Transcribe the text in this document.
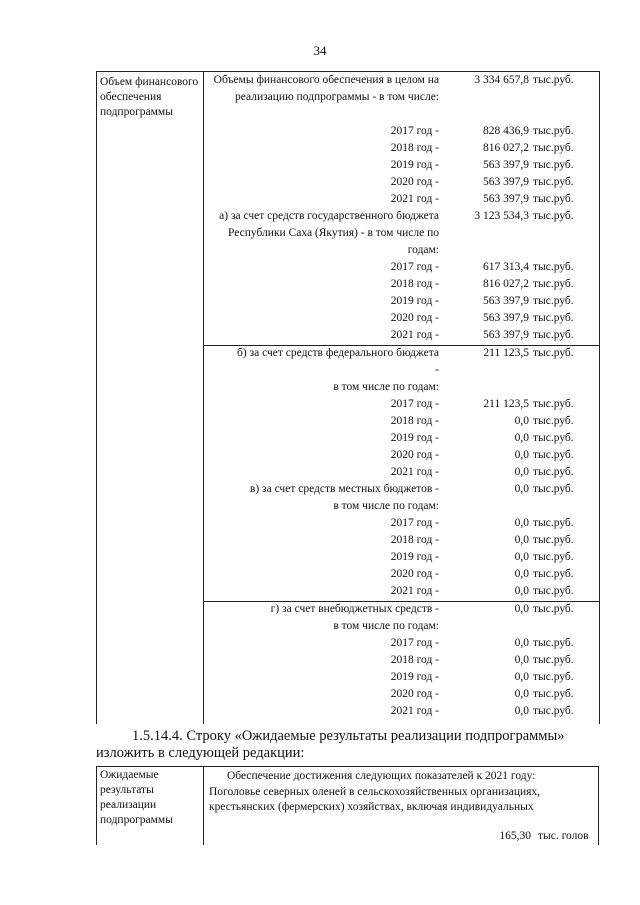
34
Объем финансового обеспечения подпрограммы
Объемы финансового обеспечения в целом на реализацию подпрограммы - в том числе:
3 334 657,8 тыс.руб.
2017 год -	828 436,9 тыс.руб.
2018 год -	816 027,2 тыс.руб.
2019 год -	563 397,9 тыс.руб.
2020 год -	563 397,9 тыс.руб.
2021 год -	563 397,9 тыс.руб.
а) за счет средств государственного бюджета Республики Саха (Якутия) - в том числе по годам:
3 123 534,3 тыс.руб.
2017 год -	617 313,4 тыс.руб.
2018 год -	816 027,2 тыс.руб.
2019 год -	563 397,9 тыс.руб.
2020 год -	563 397,9 тыс.руб.
2021 год -	563 397,9 тыс.руб.
б) за счет средств федерального бюджета	211 123,5 тыс.руб.
-
в том числе по годам:
2017 год -	211 123,5 тыс.руб.
2018 год -	0,0 тыс.руб.
2019 год -	0,0 тыс.руб.
2020 год -	0,0 тыс.руб.
2021 год -	0,0 тыс.руб.
в) за счет средств местных бюджетов -	0,0 тыс.руб.
в том числе по годам:
2017 год -	0,0 тыс.руб.
2018 год -	0,0 тыс.руб.
2019 год -	0,0 тыс.руб.
2020 год -	0,0 тыс.руб.
2021 год -	0,0 тыс.руб.
г) за счет внебюджетных средств -	0,0 тыс.руб.
в том числе по годам:
2017 год -	0,0 тыс.руб.
2018 год -	0,0 тыс.руб.
2019 год -	0,0 тыс.руб.
2020 год -	0,0 тыс.руб.
2021 год -	0,0 тыс.руб.
1.5.14.4. Строку «Ожидаемые результаты реализации подпрограммы»
изложить в следующей редакции:
Ожидаемые результаты реализации подпрограммы
Обеспечение достижения следующих показателей к 2021 году:
Поголовье северных оленей в сельскохозяйственных организациях, крестьянских (фермерских) хозяйствах, включая индивидуальных
165,30 тыс. голов
